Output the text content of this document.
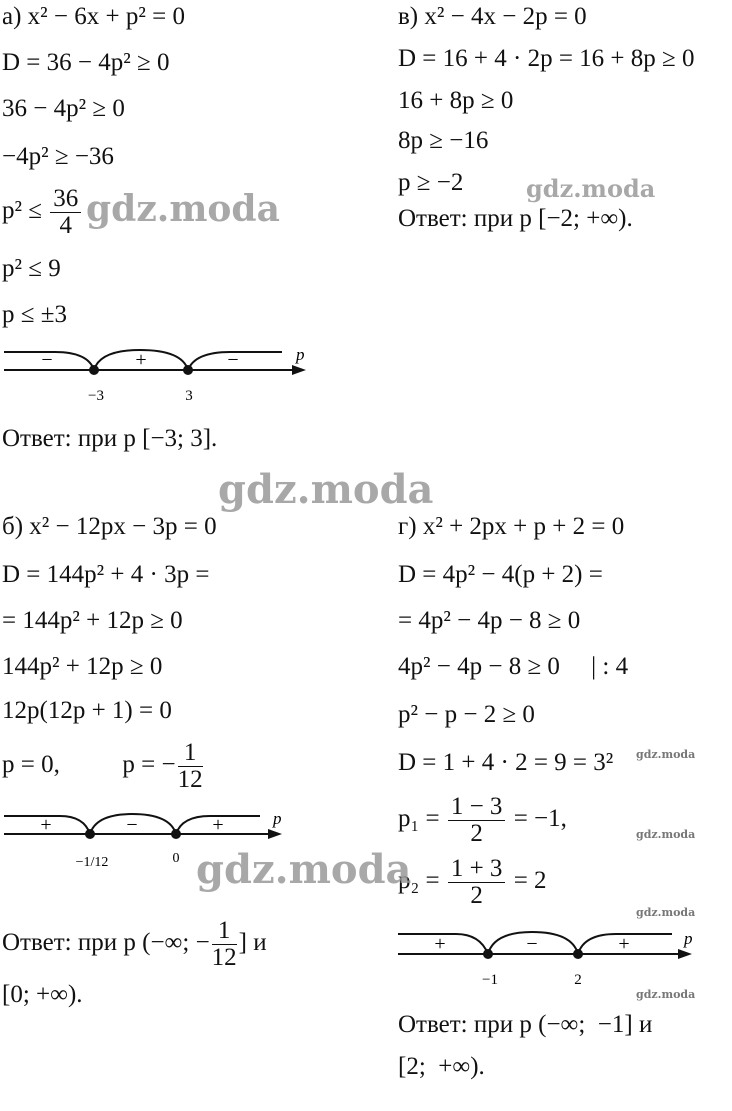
а) x² − 6x + p² = 0
D = 36 − 4p² ≥ 0
36 − 4p² ≥ 0
−4p² ≥ −36
$p^2 \le \frac{36}{4}$
p² ≤ 9
p ≤ ±3
−	+	−	p
−3	3
Ответ: при p [−3; 3].
в) x² − 4x − 2p = 0
D = 16 + 4 · 2p = 16 + 8p ≥ 0
16 + 8p ≥ 0
8p ≥ −16
p ≥ −2
Ответ: при p [−2; +∞).
б) x² − 12px − 3p = 0
D = 144p² + 4 · 3p =
= 144p² + 12p ≥ 0
144p² + 12p ≥ 0
12p(12p + 1) = 0
p = 0,	p = − $\frac{1}{12}$
+	−	+	p
−1/12	0
Ответ: при p (−∞; − $\frac{1}{12}$ ] и
[0; +∞).
г) x² + 2px + p + 2 = 0
D = 4p² − 4(p + 2) =
= 4p² − 4p − 8 ≥ 0
4p² − 4p − 8 ≥ 0     | : 4
p² − p − 2 ≥ 0
D = 1 + 4 · 2 = 9 = 3²
$p_1 = \frac{1 - 3}{2} = -1$,
$p_2 = \frac{1 + 3}{2} = 2$
+	−	+	p
−1	2
Ответ: при p (−∞;  −1] и
[2;  +∞).
gdz.moda	gdz.moda
gdz.moda
gdz.moda
gdz.moda
gdz.moda
gdz.moda
gdz.moda
